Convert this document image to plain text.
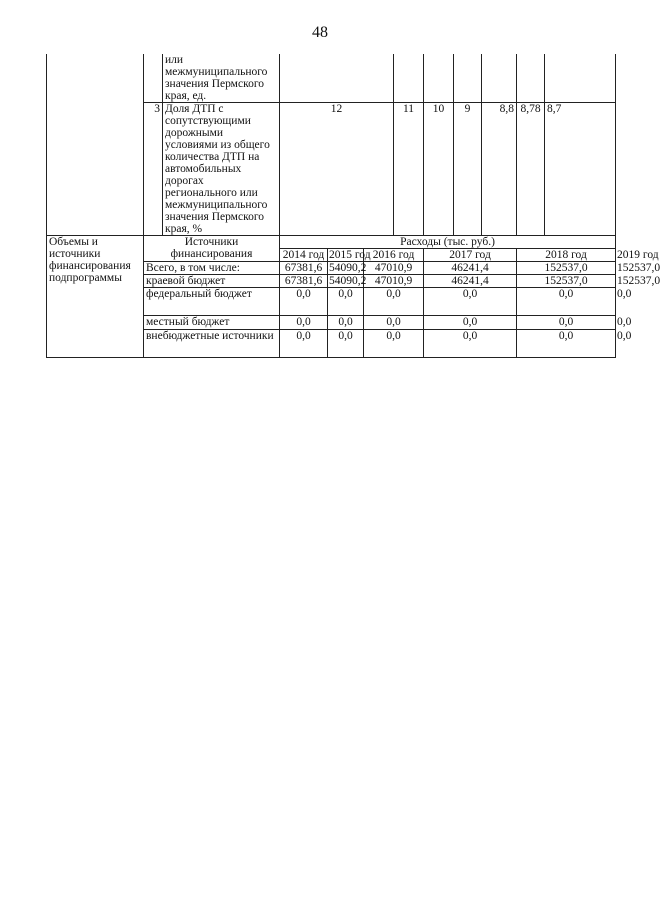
48
		или межмуниципального значения Пермского края, ед.										
	3	Доля ДТП с сопутствующими дорожными условиями из общего количества ДТП на автомобильных дорогах регионального или межмуниципального значения Пермского края, %	12			11	10	9	8,8	8,78	8,7	
Объемы и источники финансирования подпрограммы	Источники финансирования		Расходы (тыс. руб.)									
			2014 год	2015 год	2016 год		2017 год			2018 год		2019 год
	Всего, в том числе:		67381,6	54090,2	47010,9		46241,4			152537,0		152537,0
	краевой бюджет		67381,6	54090,2	47010,9		46241,4			152537,0		152537,0
	федеральный бюджет		0,0	0,0	0,0		0,0			0,0		0,0
	местный бюджет		0,0	0,0	0,0		0,0			0,0		0,0
	внебюджетные источники		0,0	0,0	0,0		0,0			0,0		0,0
